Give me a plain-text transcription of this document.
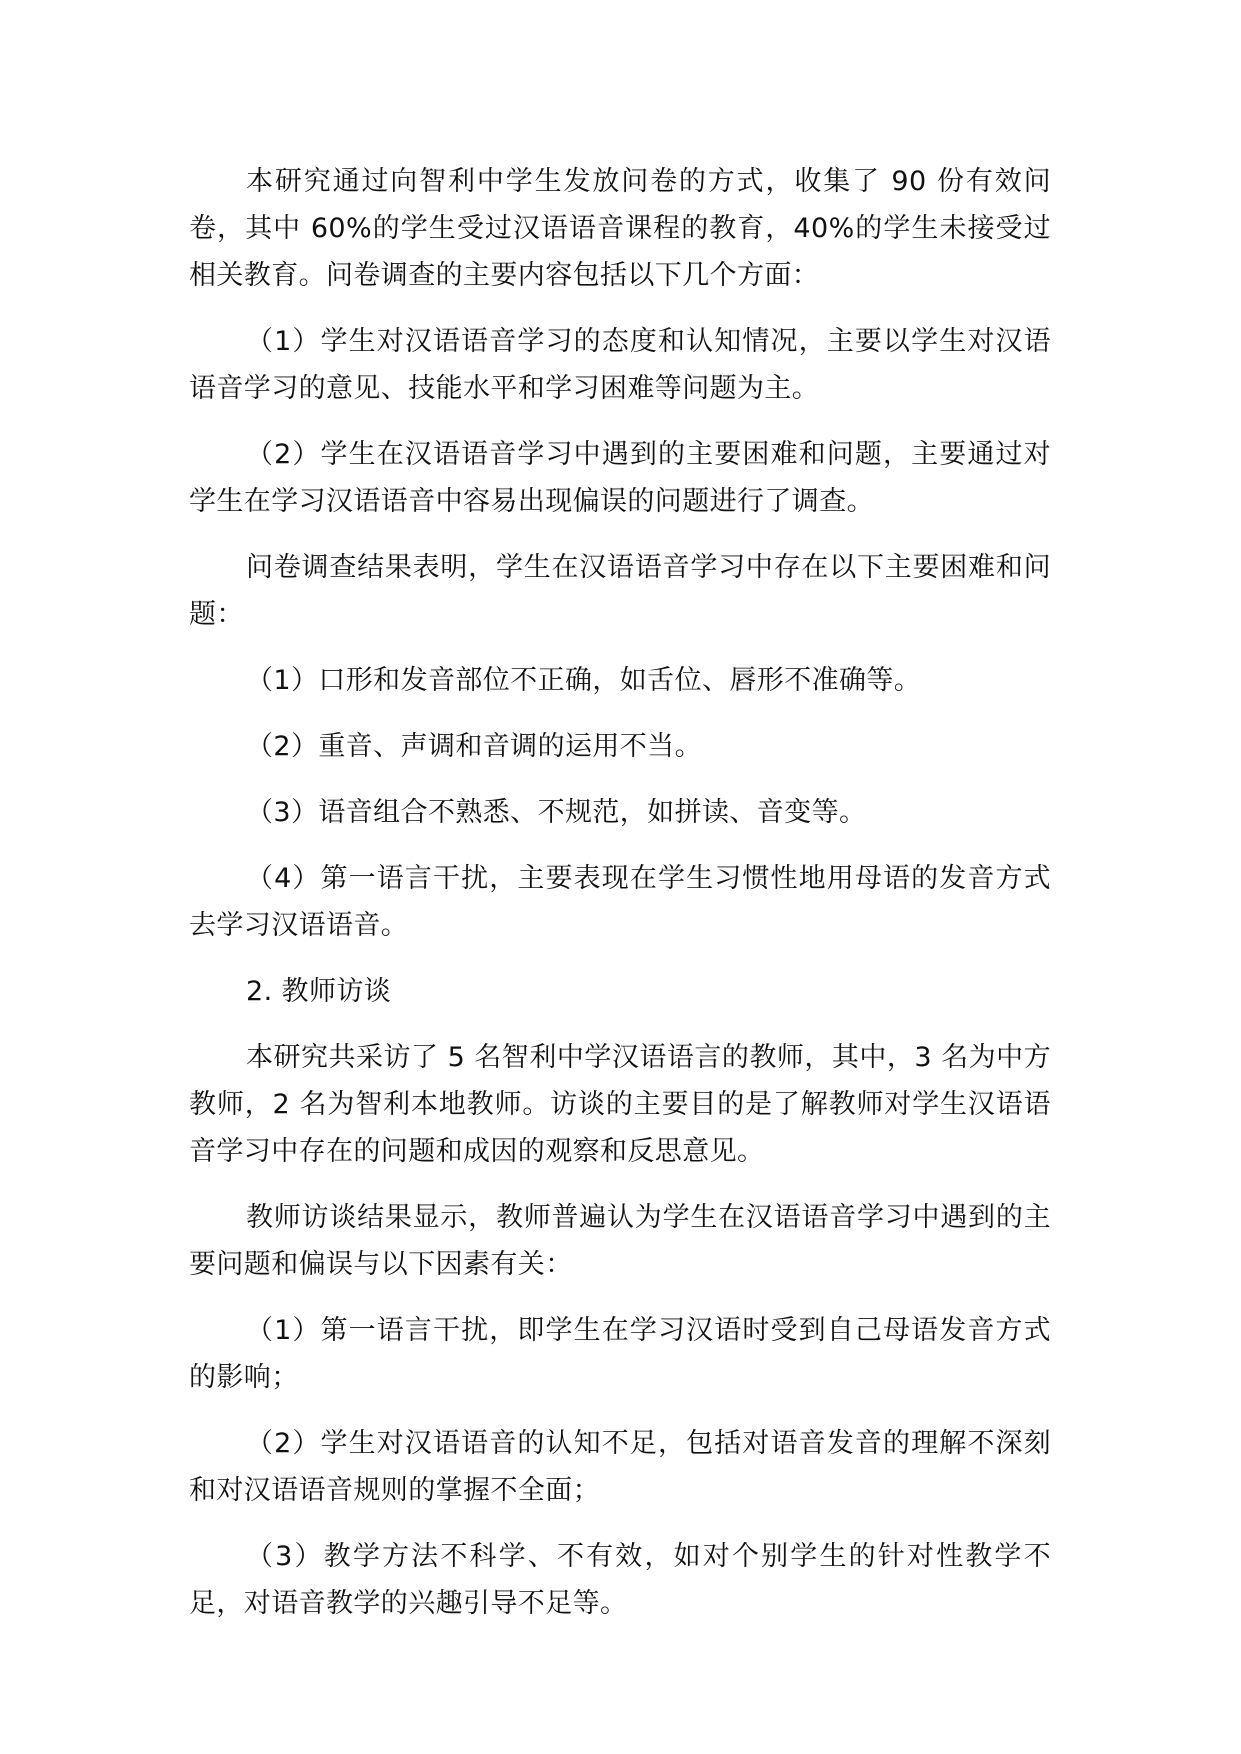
本研究通过向智利中学生发放问卷的方式，收集了 90 份有效问卷，其中 60%的学生受过汉语语音课程的教育，40%的学生未接受过相关教育。问卷调查的主要内容包括以下几个方面：

（1）学生对汉语语音学习的态度和认知情况，主要以学生对汉语语音学习的意见、技能水平和学习困难等问题为主。

（2）学生在汉语语音学习中遇到的主要困难和问题，主要通过对学生在学习汉语语音中容易出现偏误的问题进行了调查。

问卷调查结果表明，学生在汉语语音学习中存在以下主要困难和问题：

（1）口形和发音部位不正确，如舌位、唇形不准确等。

（2）重音、声调和音调的运用不当。

（3）语音组合不熟悉、不规范，如拼读、音变等。

（4）第一语言干扰，主要表现在学生习惯性地用母语的发音方式去学习汉语语音。

2. 教师访谈

本研究共采访了 5 名智利中学汉语语言的教师，其中，3 名为中方教师，2 名为智利本地教师。访谈的主要目的是了解教师对学生汉语语音学习中存在的问题和成因的观察和反思意见。

教师访谈结果显示，教师普遍认为学生在汉语语音学习中遇到的主要问题和偏误与以下因素有关：

（1）第一语言干扰，即学生在学习汉语时受到自己母语发音方式的影响；

（2）学生对汉语语音的认知不足，包括对语音发音的理解不深刻和对汉语语音规则的掌握不全面；

（3）教学方法不科学、不有效，如对个别学生的针对性教学不足，对语音教学的兴趣引导不足等。
